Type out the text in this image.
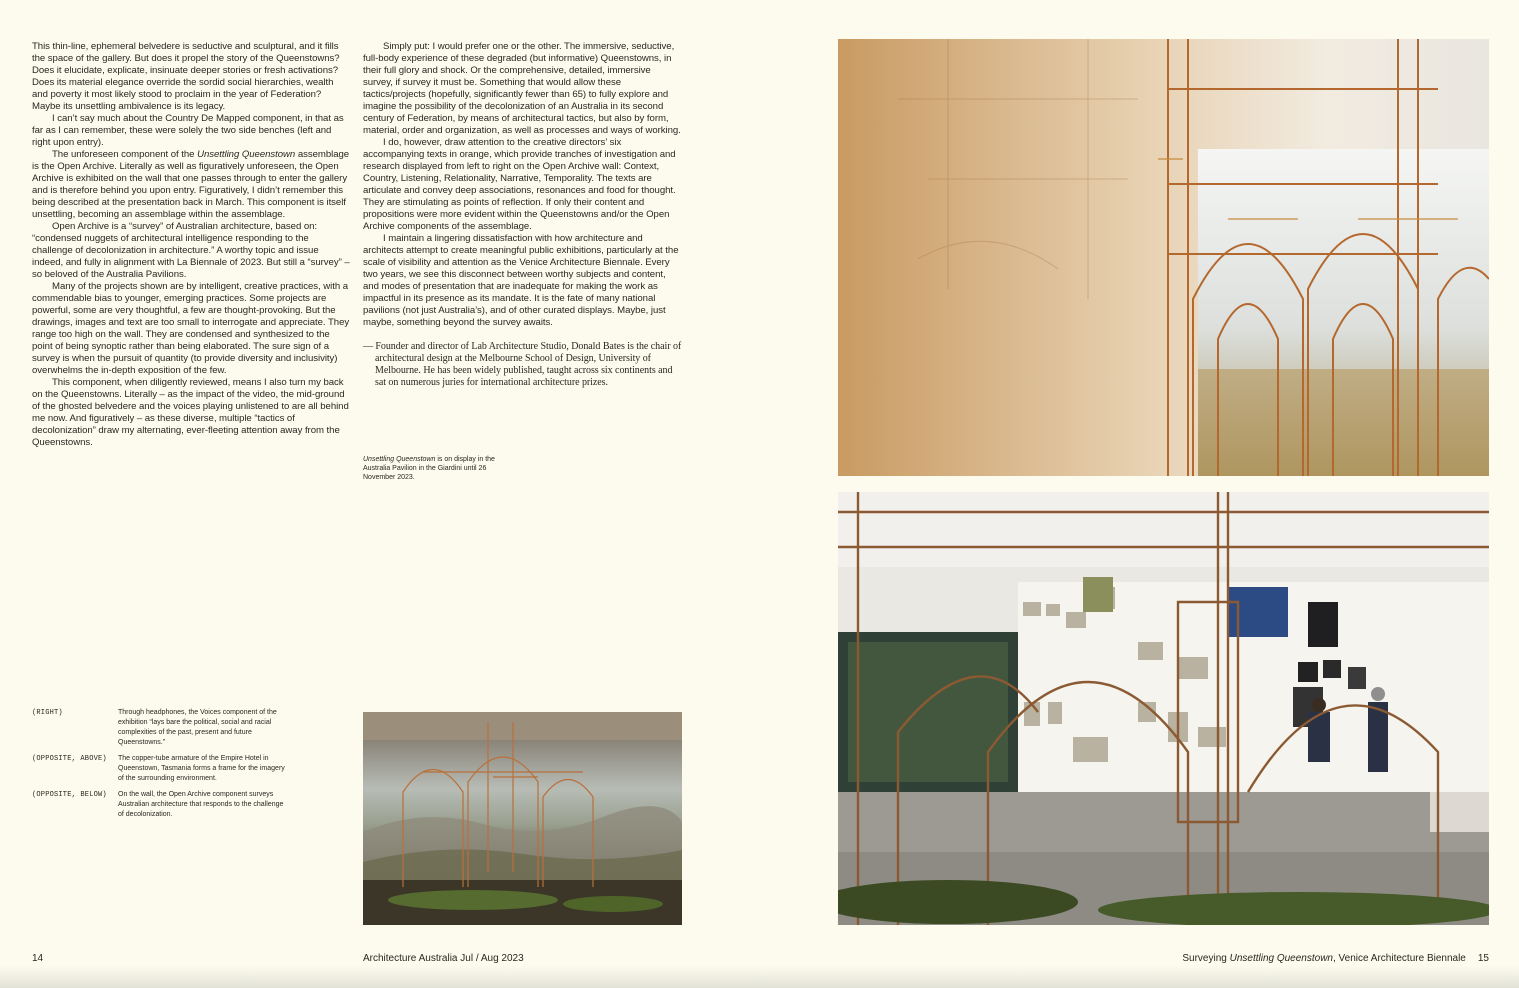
This thin-line, ephemeral belvedere is seductive and sculptural, and it fills the space of the gallery. But does it propel the story of the Queenstowns? Does it elucidate, explicate, insinuate deeper stories or fresh activations? Does its material elegance override the sordid social hierarchies, wealth and poverty it most likely stood to proclaim in the year of Federation? Maybe its unsettling ambivalence is its legacy.

I can’t say much about the Country De Mapped component, in that as far as I can remember, these were solely the two side benches (left and right upon entry).

The unforeseen component of the Unsettling Queenstown assemblage is the Open Archive. Literally as well as figuratively unforeseen, the Open Archive is exhibited on the wall that one passes through to enter the gallery and is therefore behind you upon entry. Figuratively, I didn’t remember this being described at the presentation back in March. This component is itself unsettling, becoming an assemblage within the assemblage.

Open Archive is a “survey” of Australian architecture, based on: “condensed nuggets of architectural intelligence responding to the challenge of decolonization in architecture.” A worthy topic and issue indeed, and fully in alignment with La Biennale of 2023. But still a “survey” – so beloved of the Australia Pavilions.

Many of the projects shown are by intelligent, creative practices, with a commendable bias to younger, emerging practices. Some projects are powerful, some are very thoughtful, a few are thought-provoking. But the drawings, images and text are too small to interrogate and appreciate. They range too high on the wall. They are condensed and synthesized to the point of being synoptic rather than being elaborated. The sure sign of a survey is when the pursuit of quantity (to provide diversity and inclusivity) overwhelms the in-depth exposition of the few.

This component, when diligently reviewed, means I also turn my back on the Queenstowns. Literally – as the impact of the video, the mid-ground of the ghosted belvedere and the voices playing unlistened to are all behind me now. And figuratively – as these diverse, multiple “tactics of decolonization” draw my alternating, ever-fleeting attention away from the Queenstowns.

Simply put: I would prefer one or the other. The immersive, seductive, full-body experience of these degraded (but informative) Queenstowns, in their full glory and shock. Or the comprehensive, detailed, immersive survey, if survey it must be. Something that would allow these tactics/projects (hopefully, significantly fewer than 65) to fully explore and imagine the possibility of the decolonization of an Australia in its second century of Federation, by means of architectural tactics, but also by form, material, order and organization, as well as processes and ways of working.

I do, however, draw attention to the creative directors’ six accompanying texts in orange, which provide tranches of investigation and research displayed from left to right on the Open Archive wall: Context, Country, Listening, Relationality, Narrative, Temporality. The texts are articulate and convey deep associations, resonances and food for thought. They are stimulating as points of reflection. If only their content and propositions were more evident within the Queenstowns and/or the Open Archive components of the assemblage.

I maintain a lingering dissatisfaction with how architecture and architects attempt to create meaningful public exhibitions, particularly at the scale of visibility and attention as the Venice Architecture Biennale. Every two years, we see this disconnect between worthy subjects and content, and modes of presentation that are inadequate for making the work as impactful in its presence as its mandate. It is the fate of many national pavilions (not just Australia’s), and of other curated displays. Maybe, just maybe, something beyond the survey awaits.

— Founder and director of Lab Architecture Studio, Donald Bates is the chair of architectural design at the Melbourne School of Design, University of Melbourne. He has been widely published, taught across six continents and sat on numerous juries for international architecture prizes.
Unsettling Queenstown is on display in the Australia Pavilion in the Giardini until 26 November 2023.
(RIGHT)	Through headphones, the Voices component of the exhibition “lays bare the political, social and racial complexities of the past, present and future Queenstowns.”
(OPPOSITE, ABOVE)	The copper-tube armature of the Empire Hotel in Queenstown, Tasmania forms a frame for the imagery of the surrounding environment.
(OPPOSITE, BELOW)	On the wall, the Open Archive component surveys Australian architecture that responds to the challenge of decolonization.
14	Architecture Australia Jul / Aug 2023	Surveying Unsettling Queenstown, Venice Architecture Biennale 15
